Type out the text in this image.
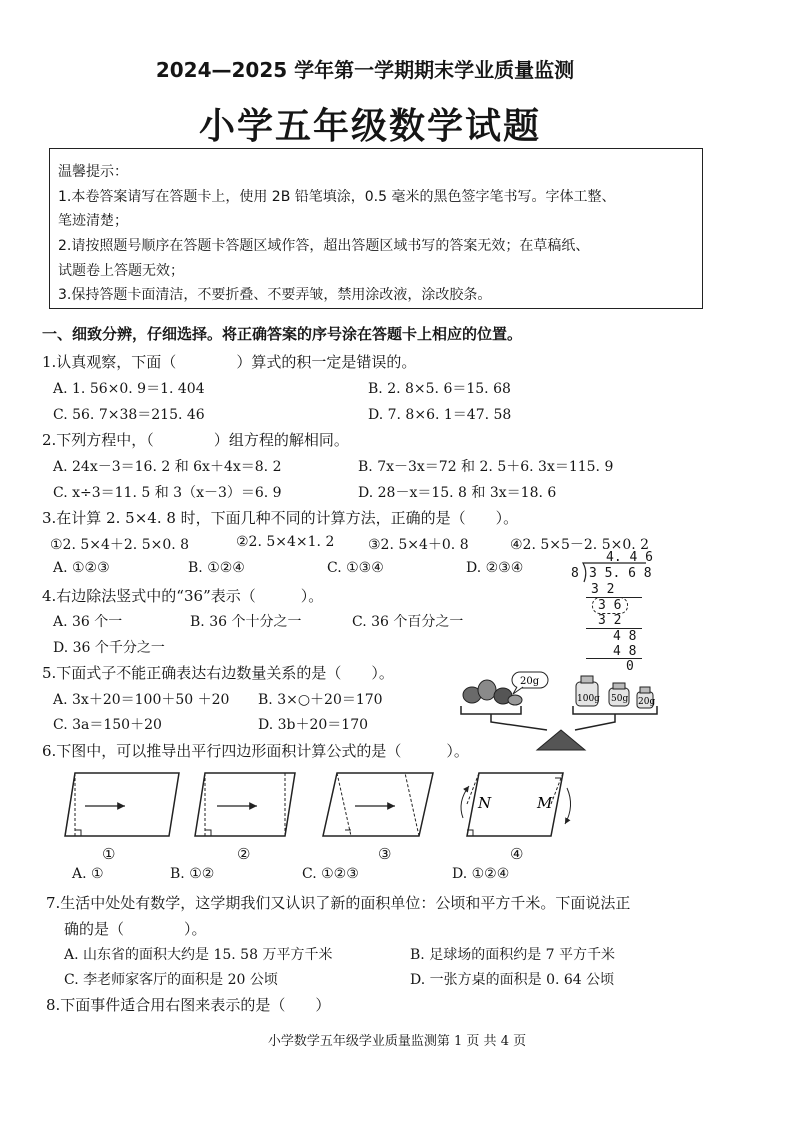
2024—2025 学年第一学期期末学业质量监测
小学五年级数学试题
温馨提示：
1.本卷答案请写在答题卡上，使用 2B 铅笔填涂，0.5 毫米的黑色签字笔书写。字体工整、
笔迹清楚；
2.请按照题号顺序在答题卡答题区域作答，超出答题区域书写的答案无效；在草稿纸、
试题卷上答题无效；
3.保持答题卡面清洁，不要折叠、不要弄皱，禁用涂改液，涂改胶条。
一、细致分辨，仔细选择。将正确答案的序号涂在答题卡上相应的位置。
1.认真观察，下面（　　　　）算式的积一定是错误的。
A. 1. 56×0. 9＝1. 404	B. 2. 8×5. 6＝15. 68
C. 56. 7×38＝215. 46	D. 7. 8×6. 1＝47. 58
2.下列方程中，（　　　　）组方程的解相同。
A. 24x－3＝16. 2 和 6x＋4x＝8. 2	B. 7x－3x＝72 和 2. 5＋6. 3x＝115. 9
C. x÷3＝11. 5 和 3（x－3）＝6. 9	D. 28－x＝15. 8 和 3x＝18. 6
3.在计算 2. 5×4. 8 时，下面几种不同的计算方法，正确的是（　　）。
①2. 5×4＋2. 5×0. 8	②2. 5×4×1. 2 ③2. 5×4＋0. 8	④2. 5×5－2. 5×0. 2
A. ①②③	B. ①②④	C. ①③④	D. ②③④
4.右边除法竖式中的“36”表示（　　　）。
A. 36 个一	B. 36 个十分之一	C. 36 个百分之一
D. 36 个千分之一
4. 4 6
8 3 5. 6 8
3 2
3 6
3 2
4 8
4 8
0
5.下面式子不能正确表达右边数量关系的是（　　）。
A. 3x＋20＝100＋50 ＋20 B. 3×○＋20＝170
C. 3a＝150＋20	D. 3b＋20＝170
20g
100g 50g 20g
6.下图中，可以推导出平行四边形面积计算公式的是（　　　）。
N	M
①	②	③	④
A. ①	B. ①②	C. ①②③	D. ①②④
7.生活中处处有数学，这学期我们又认识了新的面积单位：公顷和平方千米。下面说法正
确的是（　　　　）。
A. 山东省的面积大约是 15. 58 万平方千米	B. 足球场的面积约是 7 平方千米
C. 李老师家客厅的面积是 20 公顷	D. 一张方桌的面积是 0. 64 公顷
8.下面事件适合用右图来表示的是（　　）
小学数学五年级学业质量监测第 1 页 共 4 页
